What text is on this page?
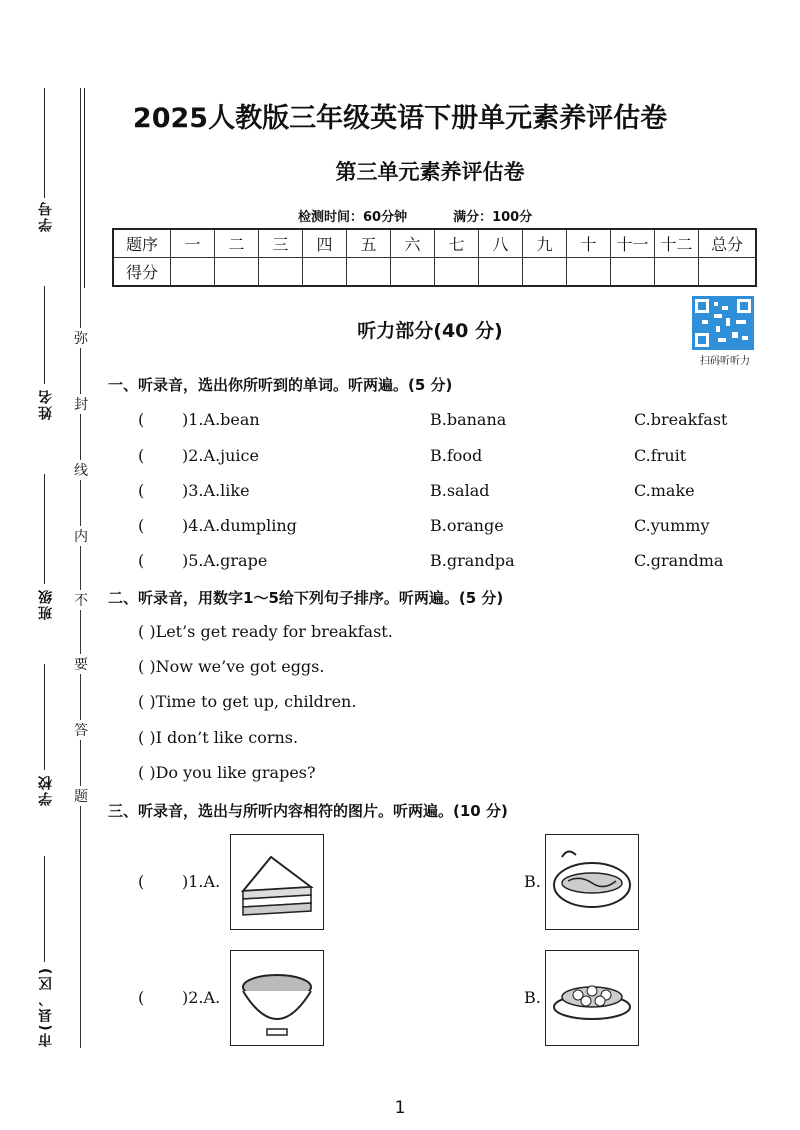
学号
姓名
班级
学校
市(县、区)
弥
封
线
内
不
要
答
题
2025人教版三年级英语下册单元素养评估卷
第三单元素养评估卷
检测时间：60分钟	满分：100分
题序	一	二	三	四	五	六	七	八	九	十	十一	十二	总分
得分													
听力部分(40 分)
扫码听听力
一、听录音，选出你所听到的单词。听两遍。(5 分)
( )1.A.bean	B.banana	C.breakfast
( )2.A.juice	B.food	C.fruit
( )3.A.like	B.salad	C.make
( )4.A.dumpling	B.orange	C.yummy
( )5.A.grape	B.grandpa	C.grandma
二、听录音，用数字1～5给下列句子排序。听两遍。(5 分)
( )Let’s get ready for breakfast.
( )Now we’ve got eggs.
( )Time to get up, children.
( )I don’t like corns.
( )Do you like grapes?
三、听录音，选出与所听内容相符的图片。听两遍。(10 分)
( )1.A.	B.
( )2.A.	B.
1
